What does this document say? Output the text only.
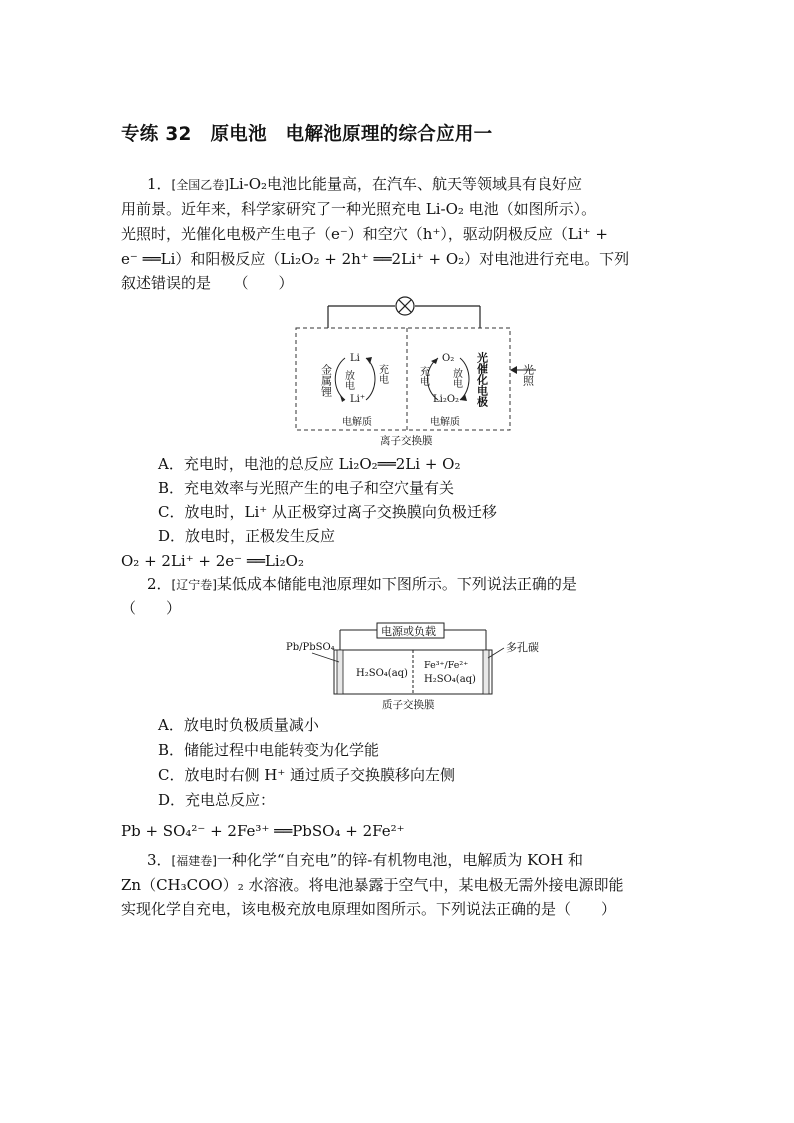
专练 32　原电池　电解池原理的综合应用一
1．[全国乙卷]Li-O₂电池比能量高，在汽车、航天等领域具有良好应
用前景。近年来，科学家研究了一种光照充电 Li-O₂ 电池（如图所示）。
光照时，光催化电极产生电子（e⁻）和空穴（h⁺），驱动阴极反应（Li⁺ +
e⁻ ══Li）和阳极反应（Li₂O₂ + 2h⁺ ══2Li⁺ + O₂）对电池进行充电。下列
叙述错误的是　　（　　）
金属锂
Li
Li⁺
放电 充电
O₂
Li₂O₂
充电 放电 光催化电极	光照
电解质	电解质
离子交换膜
A．充电时，电池的总反应 Li₂O₂══2Li + O₂
B．充电效率与光照产生的电子和空穴量有关
C．放电时，Li⁺ 从正极穿过离子交换膜向负极迁移
D．放电时，正极发生反应
O₂ + 2Li⁺ + 2e⁻ ══Li₂O₂
2．[辽宁卷]某低成本储能电池原理如下图所示。下列说法正确的是
（　　）
电源或负载
Pb/PbSO₄	多孔碳
H₂SO₄(aq)
Fe³⁺/Fe²⁺
H₂SO₄(aq)
质子交换膜
A．放电时负极质量减小
B．储能过程中电能转变为化学能
C．放电时右侧 H⁺ 通过质子交换膜移向左侧
D．充电总反应：
Pb + SO₄²⁻ + 2Fe³⁺ ══PbSO₄ + 2Fe²⁺
3．[福建卷]一种化学“自充电”的锌-有机物电池，电解质为 KOH 和
Zn（CH₃COO）₂ 水溶液。将电池暴露于空气中，某电极无需外接电源即能
实现化学自充电，该电极充放电原理如图所示。下列说法正确的是（　　）
